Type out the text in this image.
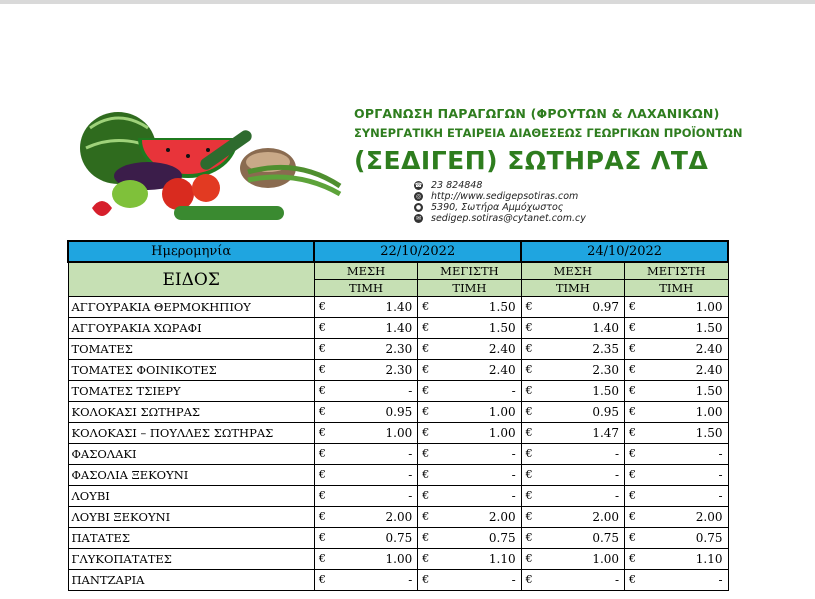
ΟΡΓΑΝΩΣΗ ΠΑΡΑΓΩΓΩΝ (ΦΡΟΥΤΩΝ & ΛΑΧΑΝΙΚΩΝ)
ΣΥΝΕΡΓΑΤΙΚΗ ΕΤΑΙΡΕΙΑ ΔΙΑΘΕΣΕΩΣ ΓΕΩΡΓΙΚΩΝ ΠΡΟΪΟΝΤΩΝ
(ΣΕΔΙΓΕΠ) ΣΩΤΗΡΑΣ ΛΤΔ
☎ 23 824848
◎ http://www.sedigepsotiras.com
● 5390, Σωτήρα Αμμόχωστος
✉ sedigep.sotiras@cytanet.com.cy
Ημερομηνία	22/10/2022				24/10/2022			
ΕΙΔΟΣ	ΜΕΣΗ		ΜΕΓΙΣΤΗ		ΜΕΣΗ		ΜΕΓΙΣΤΗ	
	ΤΙΜΗ		ΤΙΜΗ		ΤΙΜΗ		ΤΙΜΗ	
ΑΓΓΟΥΡΑΚΙΑ ΘΕΡΜΟΚΗΠΙΟΥ	€	1.40	€	1.50	€	0.97	€	1.00
ΑΓΓΟΥΡΑΚΙΑ ΧΩΡΑΦΙ	€	1.40	€	1.50	€	1.40	€	1.50
ΤΟΜΑΤΕΣ	€	2.30	€	2.40	€	2.35	€	2.40
ΤΟΜΑΤΕΣ ΦΟΙΝΙΚΟΤΕΣ	€	2.30	€	2.40	€	2.30	€	2.40
ΤΟΜΑΤΕΣ ΤΣΙΕΡΥ	€	-	€	-	€	1.50	€	1.50
ΚΟΛΟΚΑΣΙ ΣΩΤΗΡΑΣ	€	0.95	€	1.00	€	0.95	€	1.00
ΚΟΛΟΚΑΣΙ – ΠΟΥΛΛΕΣ ΣΩΤΗΡΑΣ	€	1.00	€	1.00	€	1.47	€	1.50
ΦΑΣΟΛΑΚΙ	€	-	€	-	€	-	€	-
ΦΑΣΟΛΙΑ ΞΕΚΟΥΝΙ	€	-	€	-	€	-	€	-
ΛΟΥΒΙ	€	-	€	-	€	-	€	-
ΛΟΥΒΙ ΞΕΚΟΥΝΙ	€	2.00	€	2.00	€	2.00	€	2.00
ΠΑΤΑΤΕΣ	€	0.75	€	0.75	€	0.75	€	0.75
ΓΛΥΚΟΠΑΤΑΤΕΣ	€	1.00	€	1.10	€	1.00	€	1.10
ΠΑΝΤΖΑΡΙΑ	€	-	€	-	€	-	€	-
